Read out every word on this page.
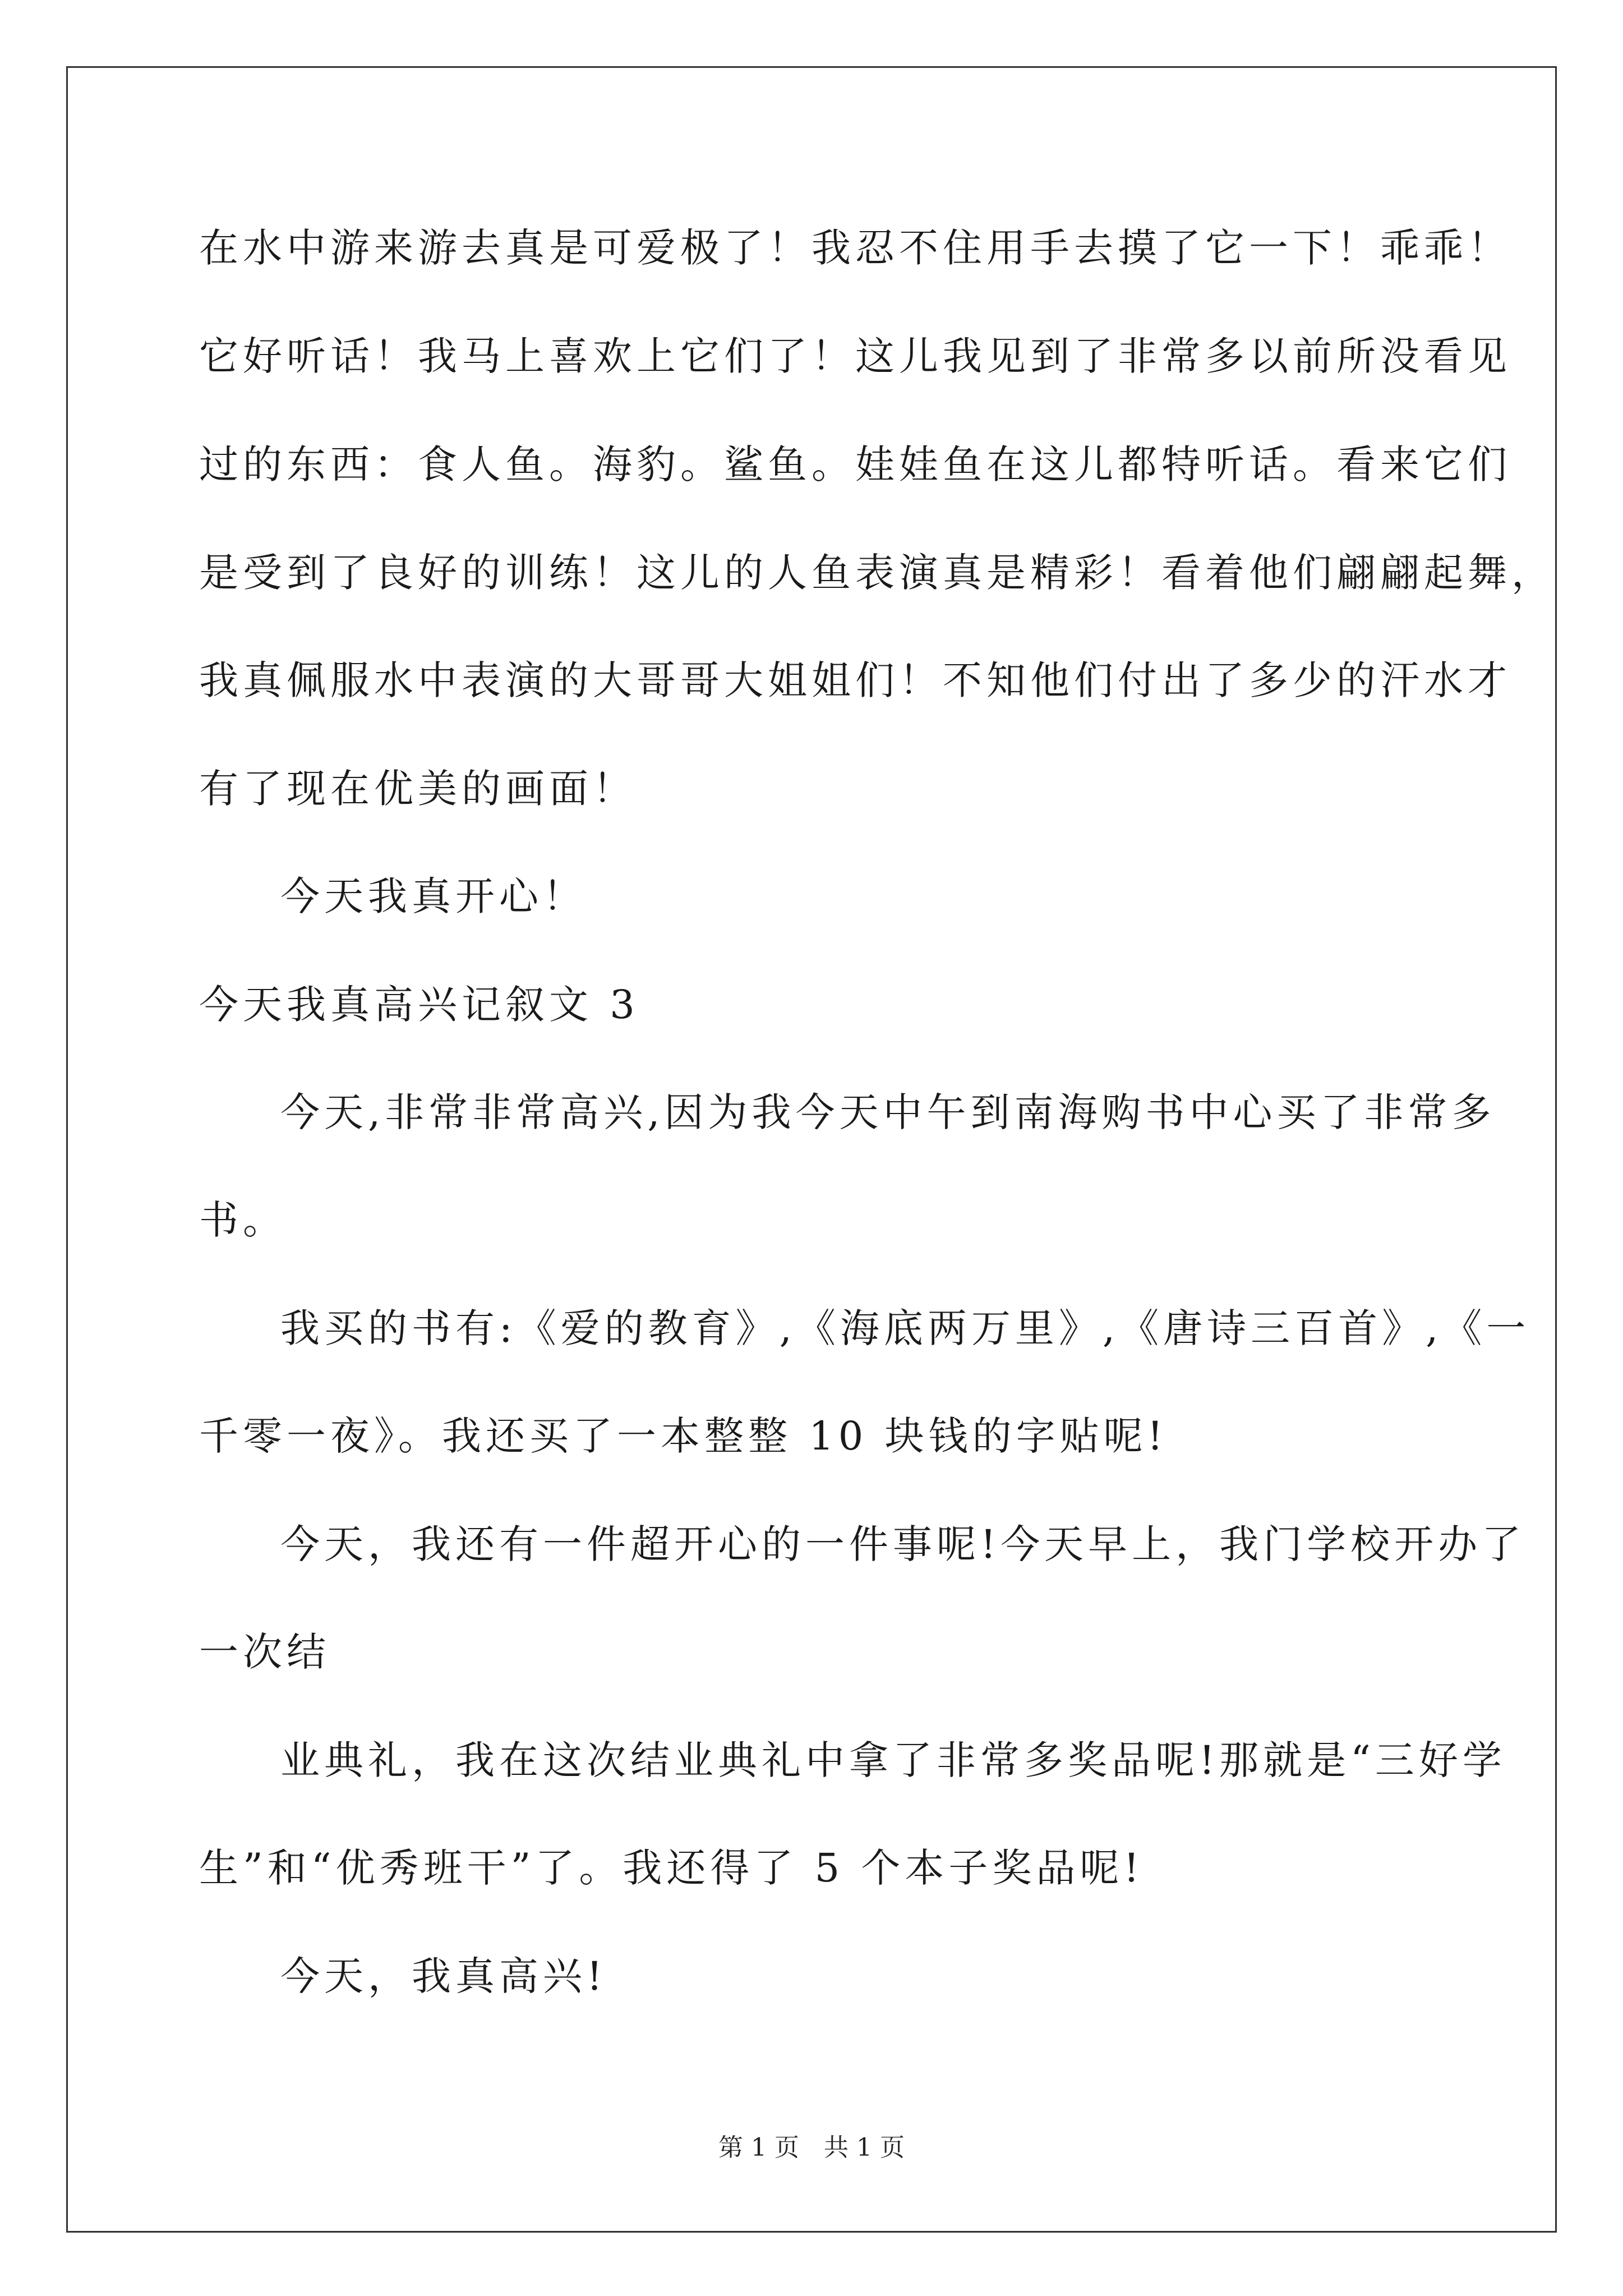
在水中游来游去真是可爱极了！我忍不住用手去摸了它一下！乖乖！
它好听话！我马上喜欢上它们了！这儿我见到了非常多以前所没看见
过的东西：食人鱼。海豹。鲨鱼。娃娃鱼在这儿都特听话。看来它们
是受到了良好的训练！这儿的人鱼表演真是精彩！看着他们翩翩起舞，
我真佩服水中表演的大哥哥大姐姐们！不知他们付出了多少的汗水才
有了现在优美的画面！
今天我真开心！
今天我真高兴记叙文 3
今天,非常非常高兴,因为我今天中午到南海购书中心买了非常多
书。
我买的书有:《爱的教育》,《海底两万里》,《唐诗三百首》,《一
千零一夜》。我还买了一本整整 10 块钱的字贴呢!
今天，我还有一件超开心的一件事呢!今天早上，我门学校开办了
一次结
业典礼，我在这次结业典礼中拿了非常多奖品呢!那就是“三好学
生”和“优秀班干”了。我还得了 5 个本子奖品呢!
今天，我真高兴!
第 1 页　共 1 页
